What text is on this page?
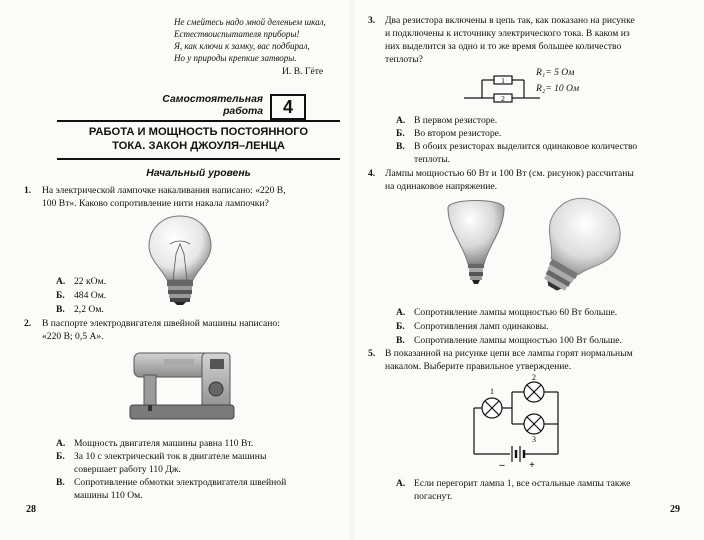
Не смейтесь надо мной деленьем шкал,
Естествоиспытателя приборы!
Я, как ключи к замку, вас подбирал,
Но у природы крепкие затворы.
И. В. Гёте
Самостоятельная
работа	4
РАБОТА И МОЩНОСТЬ ПОСТОЯННОГО
ТОКА. ЗАКОН ДЖОУЛЯ–ЛЕНЦА
Начальный уровень
1. На электрической лампочке накаливания написано: «220 В,
100 Вт». Каково сопротивление нити накала лампочки?
А. 22 кОм.
Б. 484 Ом.
В. 2,2 Ом.
2. В паспорте электродвигателя швейной машины написано:
«220 В; 0,5 А».
А. Мощность двигателя машины равна 110 Вт.
Б. За 10 с электрический ток в двигателе машины
совершает работу 110 Дж.
В. Сопротивление обмотки электродвигателя швейной
машины 110 Ом.
28
3. Два резистора включены в цепь так, как показано на рисунке
и подключены к источнику электрического тока. В каком из
них выделится за одно и то же время большее количество
теплоты?
1
2
R₁= 5 Ом
R₂= 10 Ом
А. В первом резисторе.
Б. Во втором резисторе.
В. В обоих резисторах выделится одинаковое количество
теплоты.
4. Лампы мощностью 60 Вт и 100 Вт (см. рисунок) рассчитаны
на одинаковое напряжение.
А. Сопротивление лампы мощностью 60 Вт больше.
Б. Сопротивления ламп одинаковы.
В. Сопротивление лампы мощностью 100 Вт больше.
5. В показанной на рисунке цепи все лампы горят нормальным
накалом. Выберите правильное утверждение.
1
2
3
– +
А. Если перегорит лампа 1, все остальные лампы также
погаснут.
29
